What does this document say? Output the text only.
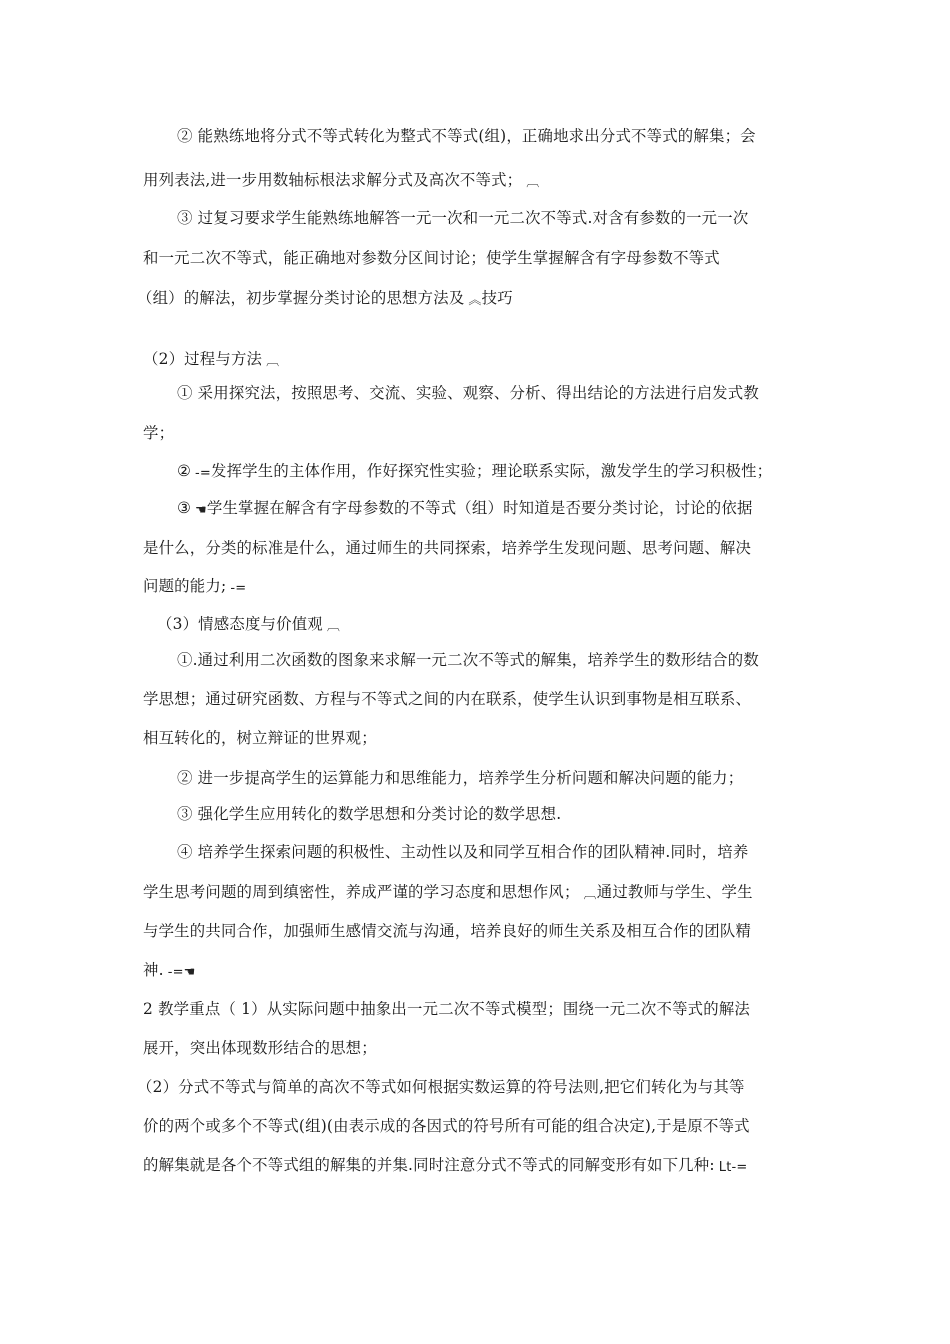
② 能熟练地将分式不等式转化为整式不等式(组)，正确地求出分式不等式的解集；会
用列表法,进一步用数轴标根法求解分式及高次不等式； ︹
③ 过复习要求学生能熟练地解答一元一次和一元二次不等式.对含有参数的一元一次
和一元二次不等式，能正确地对参数分区间讨论；使学生掌握解含有字母参数不等式
（组）的解法，初步掌握分类讨论的思想方法及 ︽技巧
（2）过程与方法 ︹
① 采用探究法，按照思考、交流、实验、观察、分析、得出结论的方法进行启发式教
学；
② -=发挥学生的主体作用，作好探究性实验；理论联系实际，激发学生的学习积极性；
③ ☚学生掌握在解含有字母参数的不等式（组）时知道是否要分类讨论，讨论的依据
是什么，分类的标准是什么，通过师生的共同探索，培养学生发现问题、思考问题、解决
问题的能力; -=
（3）情感态度与价值观 ︹
①.通过利用二次函数的图象来求解一元二次不等式的解集，培养学生的数形结合的数
学思想；通过研究函数、方程与不等式之间的内在联系，使学生认识到事物是相互联系、
相互转化的，树立辩证的世界观；
② 进一步提高学生的运算能力和思维能力，培养学生分析问题和解决问题的能力；
③ 强化学生应用转化的数学思想和分类讨论的数学思想.
④ 培养学生探索问题的积极性、主动性以及和同学互相合作的团队精神.同时，培养
学生思考问题的周到缜密性，养成严谨的学习态度和思想作风； ︹通过教师与学生、学生
与学生的共同合作，加强师生感情交流与沟通，培养良好的师生关系及相互合作的团队精
神. -=☚
2 教学重点（ 1）从实际问题中抽象出一元二次不等式模型；围绕一元二次不等式的解法
展开，突出体现数形结合的思想；
（2）分式不等式与简单的高次不等式如何根据实数运算的符号法则,把它们转化为与其等
价的两个或多个不等式(组)(由表示成的各因式的符号所有可能的组合决定),于是原不等式
的解集就是各个不等式组的解集的并集.同时注意分式不等式的同解变形有如下几种: Lt-=
